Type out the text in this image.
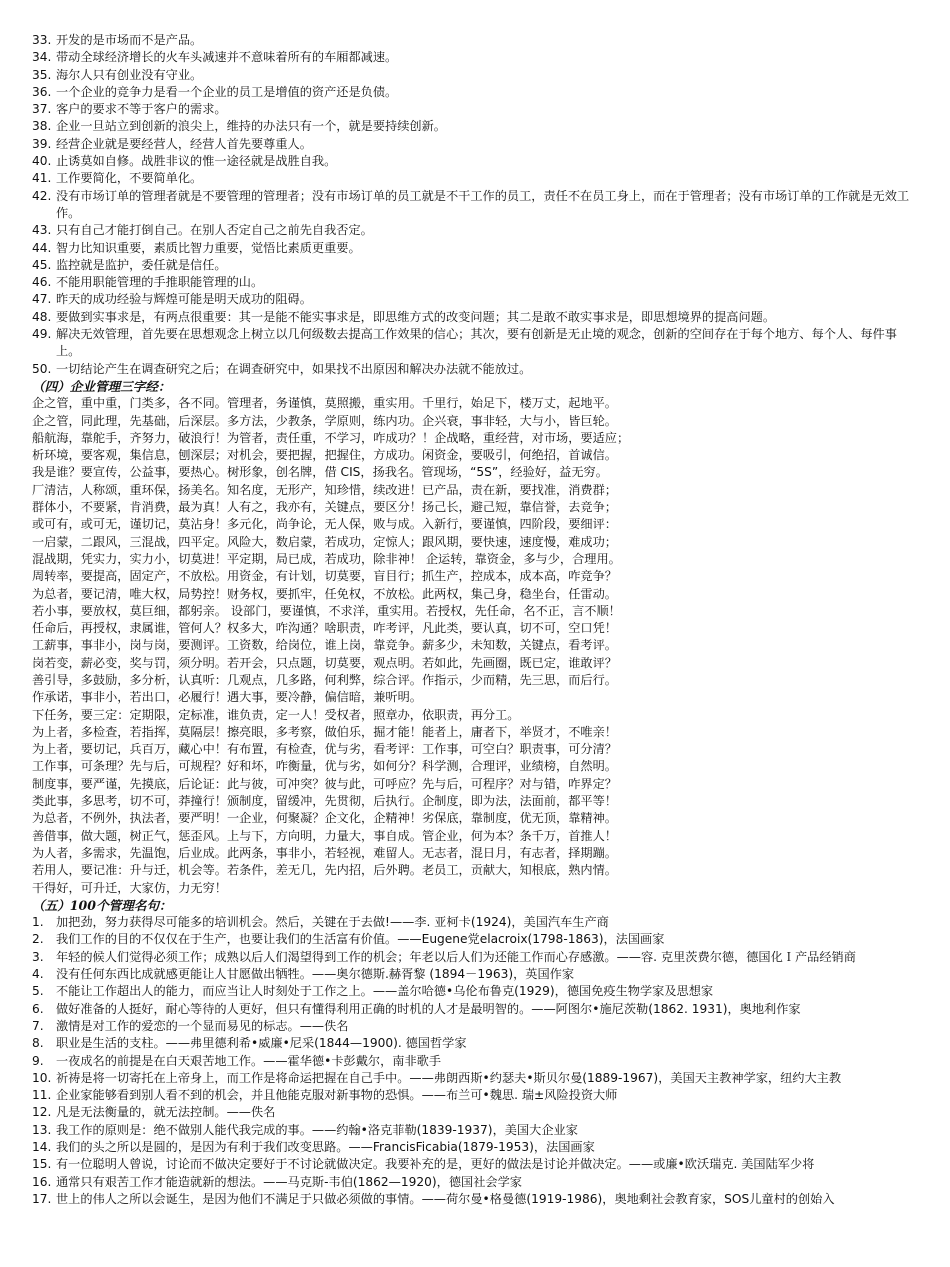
33. 开发的是市场而不是产品。
34. 带动全球经济增长的火车头减速并不意味着所有的车厢都减速。
35. 海尔人只有创业没有守业。
36. 一个企业的竞争力是看一个企业的员工是增值的资产还是负债。
37. 客户的要求不等于客户的需求。
38. 企业一旦站立到创新的浪尖上，维持的办法只有一个，就是要持续创新。
39. 经营企业就是要经营人，经营人首先要尊重人。
40. 止诱莫如自修。战胜非议的惟一途径就是战胜自我。
41. 工作要简化，不要简单化。
42. 没有市场订单的管理者就是不要管理的管理者；没有市场订单的员工就是不干工作的员工，责任不在员工身上，而在于管理者；没有市场订单的工作就是无效工作。
43. 只有自己才能打倒自己。在别人否定自己之前先自我否定。
44. 智力比知识重要，素质比智力重要，觉悟比素质更重要。
45. 监控就是监护，委任就是信任。
46. 不能用职能管理的手推职能管理的山。
47. 昨天的成功经验与辉煌可能是明天成功的阻碍。
48. 要做到实事求是，有两点很重要：其一是能不能实事求是，即思维方式的改变问题；其二是敢不敢实事求是，即思想境界的提高问题。
49. 解决无效管理，首先要在思想观念上树立以几何级数去提高工作效果的信心；其次，要有创新是无止境的观念，创新的空间存在于每个地方、每个人、每件事上。
50. 一切结论产生在调查研究之后；在调查研究中，如果找不出原因和解决办法就不能放过。
（四）企业管理三字经：
企之管，重中重，门类多，各不同。管理者，务谨慎，莫照搬，重实用。千里行，始足下，楼万丈，起地平。
企之管，同此理，先基础，后深层。多方法，少教条，学原则，练内功。企兴衰，事非轻，大与小，皆巨轮。
船航海，靠舵手，齐努力，破浪行！为管者，责任重，不学习，咋成功？！企战略，重经营，对市场，要适应；
析环境，要客观，集信息，刨深层；对机会，要把握，把握住，方成功。闲资金，要吸引，何绝招，首诚信。
我是谁？要宣传，公益事，要热心。树形象，创名牌，借 CIS，扬我名。管现场，“5S”，经验好，益无穷。
厂清洁，人称颂，重环保，扬美名。知名度，无形产，知珍惜，续改进！已产品，责在新，要找准，消费群；
群体小，不要紧，肯消费，最为真！人有之，我亦有，关键点，要区分！扬己长，避己短，靠信誉，去竞争；
或可有，或可无，谨切记，莫沾身！多元化，尚争论，无人保，败与成。入新行，要谨慎，四阶段，要细评：
一启蒙，二跟风，三混战，四平定。风险大，数启蒙，若成功，定惊人；跟风期，要快速，速度慢，难成功；
混战期，凭实力，实力小，切莫进！平定期，局已成，若成功，除非神！ 企运转，靠资金，多与少，合理用。
周转率，要提高，固定产，不放松。用资金，有计划，切莫要，盲目行；抓生产，控成本，成本高，咋竞争？
为总者，要记清，唯大权，局势控！财务权，要抓牢，任免权，不放松。此两权，集己身，稳坐台，任雷动。
若小事，要放权，莫巨细，都躬亲。 设部门，要谨慎，不求洋，重实用。若授权，先任命，名不正，言不顺！
任命后，再授权，隶属谁，管何人？权多大，咋沟通？啥职责，咋考评，凡此类，要认真，切不可，空口凭！
工薪事，事非小，岗与岗，要测评。工资数，给岗位，谁上岗，靠竞争。薪多少，未知数，关键点，看考评。
岗若变，薪必变，奖与罚，须分明。若开会，只点题，切莫要，观点明。若如此，先画圈，既已定，谁敢评？
善引导，多鼓励，多分析，认真听：几观点，几多路，何利弊，综合评。作指示，少而精，先三思，而后行。
作承诺，事非小，若出口，必履行！遇大事，要冷静，偏信暗，兼听明。
下任务，要三定：定期限，定标准，谁负责，定一人！受权者，照章办，依职责，再分工。
为上者，多检查，若指挥，莫隔层！擦亮眼，多考察，做伯乐，掘才能！能者上，庸者下，举贤才，不唯亲！
为上者，要切记，兵百万，藏心中！有布置，有检查，优与劣，看考评：工作事，可空白？职责事，可分清？
工作事，可条理？先与后，可规程？好和坏，咋衡量，优与劣，如何分？科学测，合理评，业绩榜，自然明。
制度事，要严谨，先摸底，后论证：此与彼，可冲突？彼与此，可呼应？先与后，可程序？对与错，咋界定？
类此事，多思考，切不可，莽撞行！颁制度，留缓冲，先贯彻，后执行。企制度，即为法，法面前，都平等！
为总者，不例外，执法者，要严明！一企业，何聚凝？企文化，企精神！劣保底，靠制度，优无顶，靠精神。
善借事，做大题，树正气，惩歪风。上与下，方向明，力量大，事自成。管企业，何为本？条千万，首推人！
为人者，多需求，先温饱，后业成。此两条，事非小，若轻视，难留人。无志者，混日月，有志者，择期蹦。
若用人，要记准：升与迁，机会等。若条件，差无几，先内招，后外聘。老员工，贡献大，知根底，熟内情。
干得好，可升迁，大家仿，力无穷！
（五）100个管理名句：
1.	加把劲，努力获得尽可能多的培训机会。然后，关键在于去做!——李. 亚柯卡(1924)，美国汽车生产商
2.	我们工作的目的不仅仅在于生产，也要让我们的生活富有价值。——Eugene党elacroix(1798-1863)，法国画家
3.	年轻的候人们觉得必须工作；成熟以后人们渴望得到工作的机会；年老以后人们为还能工作而心存感激。——容. 克里茨费尔德，德国化Ｉ产品经销商
4.	没有任何东西比成就感更能让人甘愿做出牺牲。——奥尔德斯.赫胥黎 (1894－1963)，英国作家
5.	不能让工作超出人的能力，而应当让人时刻处于工作之上。——盖尔哈德•乌伦布鲁克(1929)，德国免疫生物学家及思想家
6.	做好准备的人挺好，耐心等待的人更好，但只有懂得利用正确的时机的人才是最明智的。——阿图尔•施尼茨勒(1862. 1931)，奥地利作家
7.	激情是对工作的爱恋的一个显而易见的标志。——佚名
8.	职业是生活的支柱。——弗里德利希•威廉•尼采(1844—1900). 德国哲学家
9.	一夜成名的前提是在白天艰苦地工作。——霍华德•卡彭戴尔，南非歌手
10. 祈祷是将一切寄托在上帝身上，而工作是将命运把握在自己手中。——弗朗西斯•约瑟夫•斯贝尔曼(1889-1967)，美国天主教神学家，纽约大主教
11. 企业家能够看到别人看不到的机会，并且他能克服对新事物的恐惧。——布兰可•魏思. 瑞±风险投资大师
12. 凡是无法衡量的，就无法控制。——佚名
13. 我工作的原则是：绝不做别人能代我完成的事。——约翰•洛克菲勒(1839-1937)，美国大企业家
14. 我们的头之所以是圆的，是因为有利于我们改变思路。——FrancisFicabia(1879-1953)，法国画家
15. 有一位聪明人曾说，讨论而不做决定要好于不讨论就做决定。我要补充的是，更好的做法是讨论并做决定。——或廉•欧沃瑞克. 美国陆军少将
16. 通常只有艰苦工作才能造就新的想法。——马克斯-韦伯(1862—1920)，德国社会学家
17. 世上的伟人之所以会诞生，是因为他们不满足于只做必须做的事情。——荷尔曼•格曼德(1919-1986)，奥地剩社会教育家，SOS儿童村的创始入
